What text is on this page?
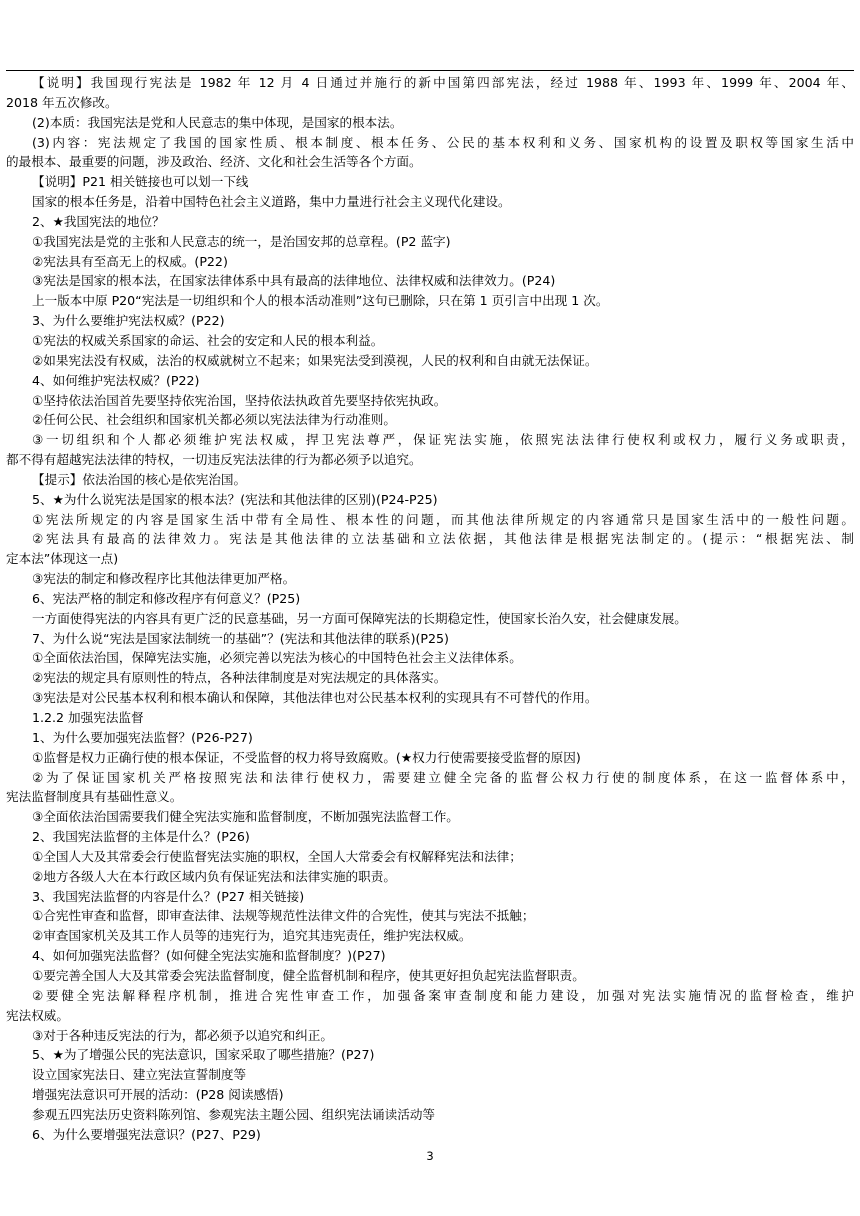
【说明】我国现行宪法是 1982 年 12 月 4 日通过并施行的新中国第四部宪法，经过 1988 年、1993 年、1999 年、2004 年、
2018 年五次修改。
(2)本质：我国宪法是党和人民意志的集中体现，是国家的根本法。
(3)内容：宪法规定了我国的国家性质、根本制度、根本任务、公民的基本权利和义务、国家机构的设置及职权等国家生活中
的最根本、最重要的问题，涉及政治、经济、文化和社会生活等各个方面。
【说明】P21 相关链接也可以划一下线
国家的根本任务是，沿着中国特色社会主义道路，集中力量进行社会主义现代化建设。
2、★我国宪法的地位？
①我国宪法是党的主张和人民意志的统一，是治国安邦的总章程。(P2 蓝字)
②宪法具有至高无上的权威。(P22)
③宪法是国家的根本法，在国家法律体系中具有最高的法律地位、法律权威和法律效力。(P24)
上一版本中原 P20“宪法是一切组织和个人的根本活动准则”这句已删除，只在第 1 页引言中出现 1 次。
3、为什么要维护宪法权威？(P22)
①宪法的权威关系国家的命运、社会的安定和人民的根本利益。
②如果宪法没有权威，法治的权威就树立不起来；如果宪法受到漠视，人民的权利和自由就无法保证。
4、如何维护宪法权威？(P22)
①坚持依法治国首先要坚持依宪治国，坚持依法执政首先要坚持依宪执政。
②任何公民、社会组织和国家机关都必须以宪法法律为行动准则。
③一切组织和个人都必须维护宪法权威，捍卫宪法尊严，保证宪法实施，依照宪法法律行使权利或权力，履行义务或职责，
都不得有超越宪法法律的特权，一切违反宪法法律的行为都必须予以追究。
【提示】依法治国的核心是依宪治国。
5、★为什么说宪法是国家的根本法？(宪法和其他法律的区别)(P24-P25)
①宪法所规定的内容是国家生活中带有全局性、根本性的问题，而其他法律所规定的内容通常只是国家生活中的一般性问题。
②宪法具有最高的法律效力。宪法是其他法律的立法基础和立法依据，其他法律是根据宪法制定的。(提示：“根据宪法、制
定本法”体现这一点)
③宪法的制定和修改程序比其他法律更加严格。
6、宪法严格的制定和修改程序有何意义？(P25)
一方面使得宪法的内容具有更广泛的民意基础，另一方面可保障宪法的长期稳定性，使国家长治久安，社会健康发展。
7、为什么说“宪法是国家法制统一的基础”？(宪法和其他法律的联系)(P25)
①全面依法治国，保障宪法实施，必须完善以宪法为核心的中国特色社会主义法律体系。
②宪法的规定具有原则性的特点，各种法律制度是对宪法规定的具体落实。
③宪法是对公民基本权利和根本确认和保障，其他法律也对公民基本权利的实现具有不可替代的作用。
1.2.2 加强宪法监督
1、为什么要加强宪法监督？(P26-P27)
①监督是权力正确行使的根本保证，不受监督的权力将导致腐败。(★权力行使需要接受监督的原因)
②为了保证国家机关严格按照宪法和法律行使权力，需要建立健全完备的监督公权力行使的制度体系，在这一监督体系中，
宪法监督制度具有基础性意义。
③全面依法治国需要我们健全宪法实施和监督制度，不断加强宪法监督工作。
2、我国宪法监督的主体是什么？(P26)
①全国人大及其常委会行使监督宪法实施的职权，全国人大常委会有权解释宪法和法律；
②地方各级人大在本行政区域内负有保证宪法和法律实施的职责。
3、我国宪法监督的内容是什么？(P27 相关链接)
①合宪性审查和监督，即审查法律、法规等规范性法律文件的合宪性，使其与宪法不抵触；
②审查国家机关及其工作人员等的违宪行为，追究其违宪责任，维护宪法权威。
4、如何加强宪法监督？(如何健全宪法实施和监督制度？)(P27)
①要完善全国人大及其常委会宪法监督制度，健全监督机制和程序，使其更好担负起宪法监督职责。
②要健全宪法解释程序机制，推进合宪性审查工作，加强备案审查制度和能力建设，加强对宪法实施情况的监督检查，维护
宪法权威。
③对于各种违反宪法的行为，都必须予以追究和纠正。
5、★为了增强公民的宪法意识，国家采取了哪些措施？(P27)
设立国家宪法日、建立宪法宣誓制度等
增强宪法意识可开展的活动：(P28 阅读感悟)
参观五四宪法历史资料陈列馆、参观宪法主题公园、组织宪法诵读活动等
6、为什么要增强宪法意识？(P27、P29)
3
